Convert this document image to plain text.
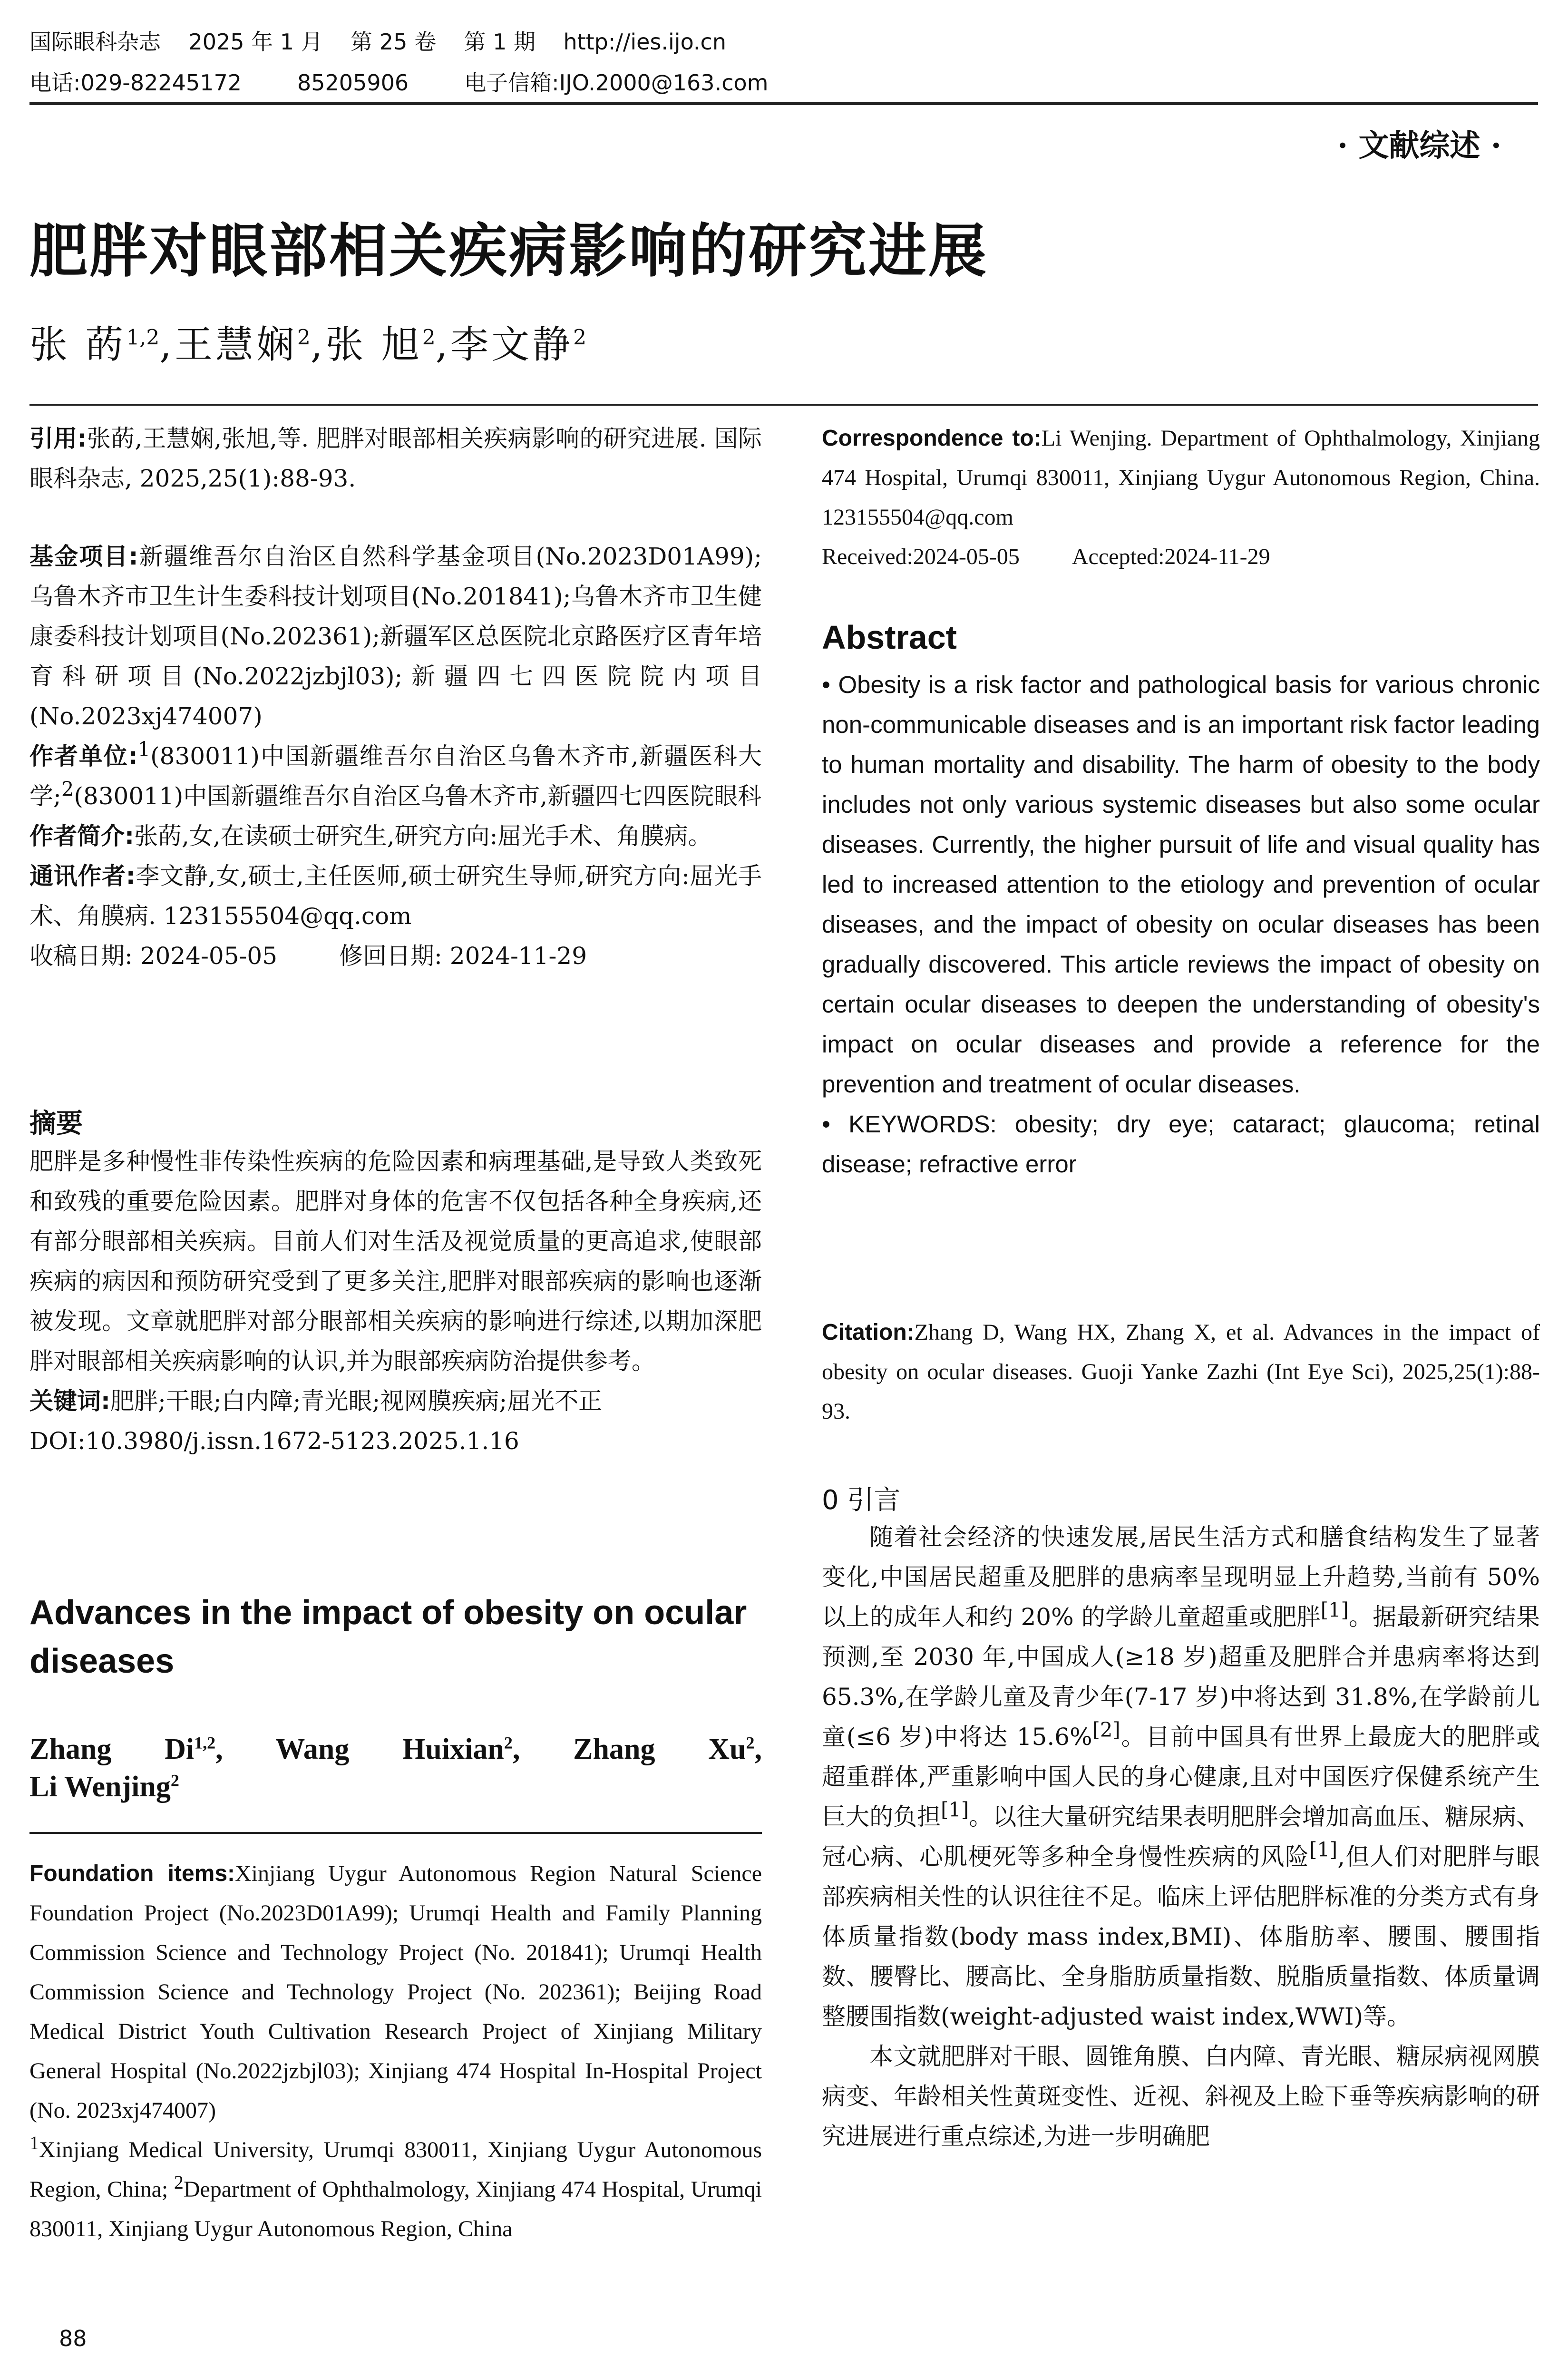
国际眼科杂志    2025 年 1 月    第 25 卷    第 1 期    http://ies.ijo.cn
电话:029-82245172        85205906        电子信箱:IJO.2000@163.com
· 文献综述 ·
肥胖对眼部相关疾病影响的研究进展
张 菂$^{1,2}$,王慧娴$^2$,张 旭$^2$,李文静$^2$
引用:张菂,王慧娴,张旭,等. 肥胖对眼部相关疾病影响的研究进展. 国际眼科杂志, 2025,25(1):88-93.

基金项目:新疆维吾尔自治区自然科学基金项目(No.2023D01A99);乌鲁木齐市卫生计生委科技计划项目(No.201841);乌鲁木齐市卫生健康委科技计划项目(No.202361);新疆军区总医院北京路医疗区青年培育科研项目(No.2022jzbjl03);新疆四七四医院院内项目(No.2023xj474007)

作者单位:$^1$(830011)中国新疆维吾尔自治区乌鲁木齐市,新疆医科大学;$^2$(830011)中国新疆维吾尔自治区乌鲁木齐市,新疆四七四医院眼科

作者简介:张菂,女,在读硕士研究生,研究方向:屈光手术、角膜病。

通讯作者:李文静,女,硕士,主任医师,硕士研究生导师,研究方向:屈光手术、角膜病. 123155504@qq.com

收稿日期: 2024-05-05	修回日期: 2024-11-29

摘要

肥胖是多种慢性非传染性疾病的危险因素和病理基础,是导致人类致死和致残的重要危险因素。肥胖对身体的危害不仅包括各种全身疾病,还有部分眼部相关疾病。目前人们对生活及视觉质量的更高追求,使眼部疾病的病因和预防研究受到了更多关注,肥胖对眼部疾病的影响也逐渐被发现。文章就肥胖对部分眼部相关疾病的影响进行综述,以期加深肥胖对眼部相关疾病影响的认识,并为眼部疾病防治提供参考。

关键词:肥胖;干眼;白内障;青光眼;视网膜疾病;屈光不正

DOI:10.3980/j.issn.1672-5123.2025.1.16

Advances in the impact of obesity on ocular diseases
Zhang Di$^{1,2}$, Wang Huixian$^2$, Zhang Xu$^2$,
Li Wenjing$^2$
Foundation items:Xinjiang Uygur Autonomous Region Natural Science Foundation Project (No.2023D01A99); Urumqi Health and Family Planning Commission Science and Technology Project (No. 201841); Urumqi Health Commission Science and Technology Project (No. 202361); Beijing Road Medical District Youth Cultivation Research Project of Xinjiang Military General Hospital (No.2022jzbjl03); Xinjiang 474 Hospital In-Hospital Project (No. 2023xj474007)
$^1$Xinjiang Medical University, Urumqi 830011, Xinjiang Uygur Autonomous Region, China; $^2$Department of Ophthalmology, Xinjiang 474 Hospital, Urumqi 830011, Xinjiang Uygur Autonomous Region, China
Correspondence to:Li Wenjing. Department of Ophthalmology, Xinjiang 474 Hospital, Urumqi 830011, Xinjiang Uygur Autonomous Region, China. 123155504@qq.com
Received:2024-05-05 Accepted:2024-11-29
Abstract
• Obesity is a risk factor and pathological basis for various chronic non-communicable diseases and is an important risk factor leading to human mortality and disability. The harm of obesity to the body includes not only various systemic diseases but also some ocular diseases. Currently, the higher pursuit of life and visual quality has led to increased attention to the etiology and prevention of ocular diseases, and the impact of obesity on ocular diseases has been gradually discovered. This article reviews the impact of obesity on certain ocular diseases to deepen the understanding of obesity's impact on ocular diseases and provide a reference for the prevention and treatment of ocular diseases.
• KEYWORDS: obesity; dry eye; cataract; glaucoma; retinal disease; refractive error
Citation:Zhang D, Wang HX, Zhang X, et al. Advances in the impact of obesity on ocular diseases. Guoji Yanke Zazhi (Int Eye Sci), 2025,25(1):88-93.
0 引言

随着社会经济的快速发展,居民生活方式和膳食结构发生了显著变化,中国居民超重及肥胖的患病率呈现明显上升趋势,当前有 50% 以上的成年人和约 20% 的学龄儿童超重或肥胖[1]。据最新研究结果预测,至 2030 年,中国成人(≥18 岁)超重及肥胖合并患病率将达到 65.3%,在学龄儿童及青少年(7-17 岁)中将达到 31.8%,在学龄前儿童(≤6 岁)中将达 15.6%[2]。目前中国具有世界上最庞大的肥胖或超重群体,严重影响中国人民的身心健康,且对中国医疗保健系统产生巨大的负担[1]。以往大量研究结果表明肥胖会增加高血压、糖尿病、冠心病、心肌梗死等多种全身慢性疾病的风险[1],但人们对肥胖与眼部疾病相关性的认识往往不足。临床上评估肥胖标准的分类方式有身体质量指数(body mass index,BMI)、体脂肪率、腰围、腰围指数、腰臀比、腰高比、全身脂肪质量指数、脱脂质量指数、体质量调整腰围指数(weight-adjusted waist index,WWI)等。

本文就肥胖对干眼、圆锥角膜、白内障、青光眼、糖尿病视网膜病变、年龄相关性黄斑变性、近视、斜视及上睑下垂等疾病影响的研究进展进行重点综述,为进一步明确肥

88
